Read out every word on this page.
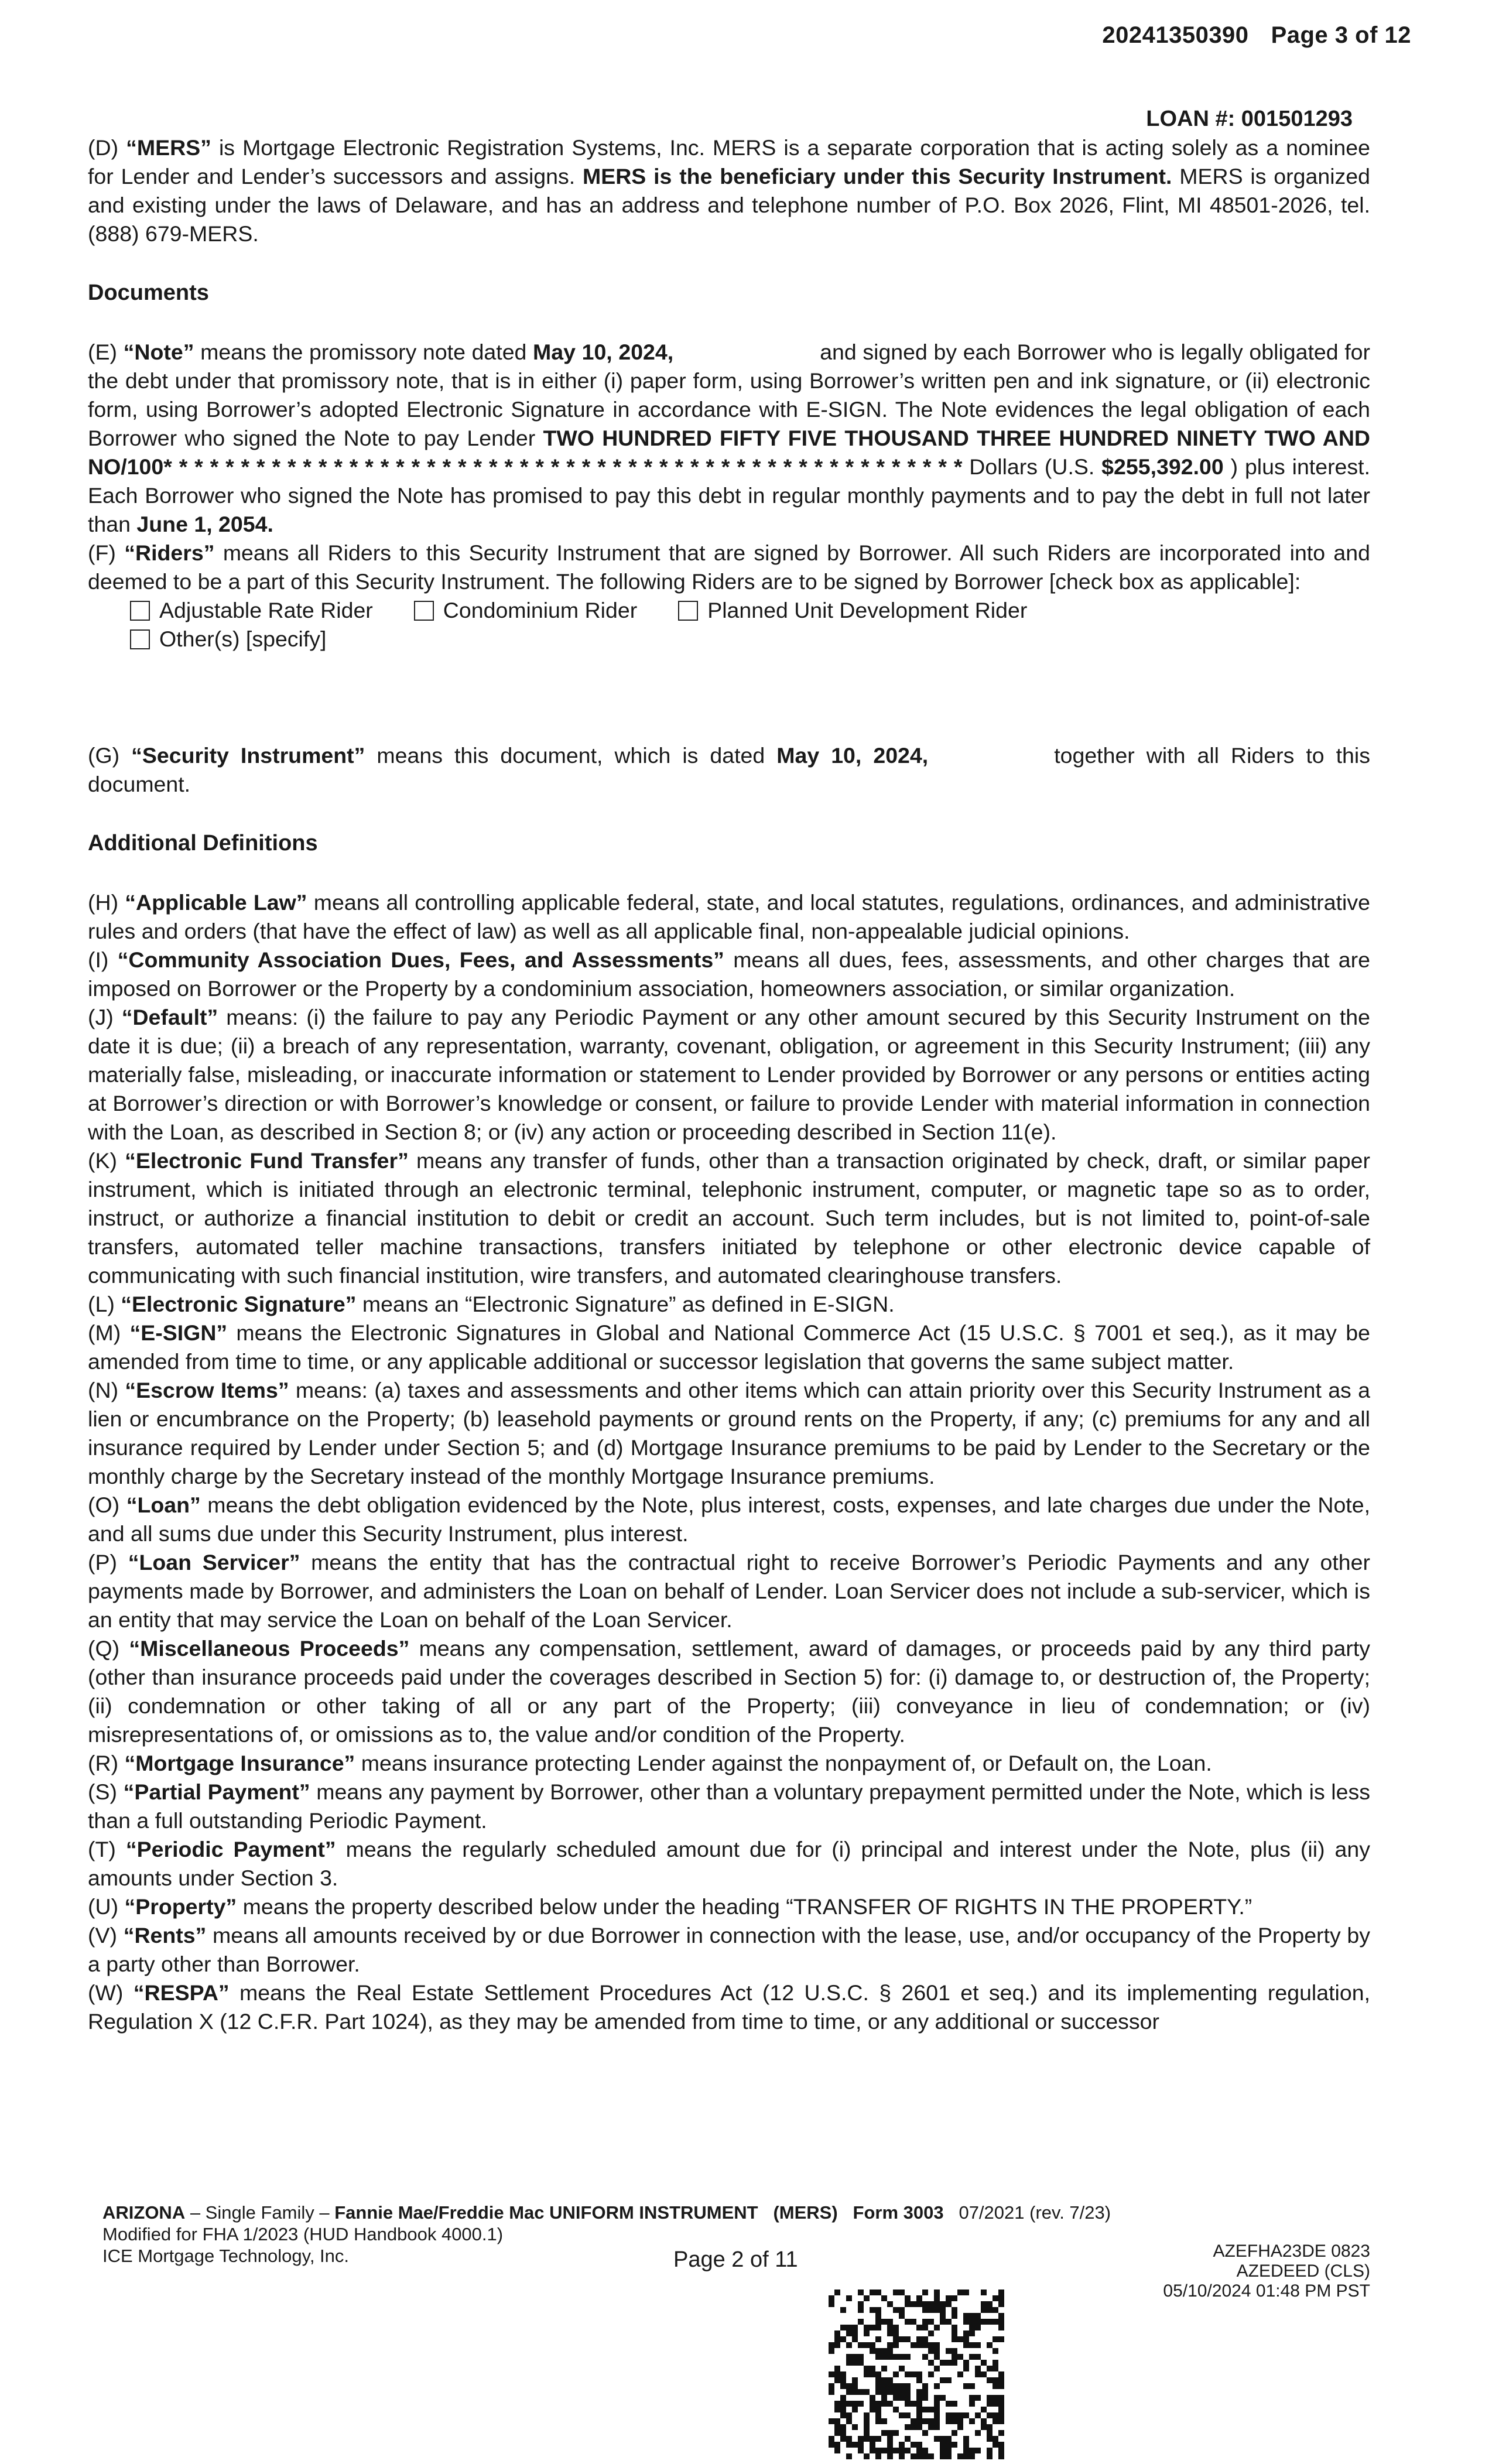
20241350390 Page 3 of 12
LOAN #: 001501293

(D) “MERS” is Mortgage Electronic Registration Systems, Inc. MERS is a separate corporation that is acting solely as a nominee for Lender and Lender’s successors and assigns. MERS is the beneficiary under this Security Instrument. MERS is organized and existing under the laws of Delaware, and has an address and telephone number of P.O. Box 2026, Flint, MI 48501-2026, tel. (888) 679-MERS.

Documents

(E) “Note” means the promissory note dated May 10, 2024,	and signed by each Borrower who is legally obligated for the debt under that promissory note, that is in either (i) paper form, using Borrower’s written pen and ink signature, or (ii) electronic form, using Borrower’s adopted Electronic Signature in accordance with E-SIGN. The Note evidences the legal obligation of each Borrower who signed the Note to pay Lender TWO HUNDRED FIFTY FIVE THOUSAND THREE HUNDRED NINETY TWO AND NO/100* * * * * * * * * * * * * * * * * * * * * * * * * * * * * * * * * * * * * * * * * * * * * * * * * * * * Dollars (U.S. $255,392.00 ) plus interest. Each Borrower who signed the Note has promised to pay this debt in regular monthly payments and to pay the debt in full not later than June 1, 2054.

(F) “Riders” means all Riders to this Security Instrument that are signed by Borrower. All such Riders are incorporated into and deemed to be a part of this Security Instrument. The following Riders are to be signed by Borrower [check box as applicable]:

Adjustable Rate Rider	Condominium Rider	Planned Unit Development Rider
Other(s) [specify]

(G) “Security Instrument” means this document, which is dated May 10, 2024,	together with all Riders to this document.

Additional Definitions

(H) “Applicable Law” means all controlling applicable federal, state, and local statutes, regulations, ordinances, and administrative rules and orders (that have the effect of law) as well as all applicable final, non-appealable judicial opinions.

(I) “Community Association Dues, Fees, and Assessments” means all dues, fees, assessments, and other charges that are imposed on Borrower or the Property by a condominium association, homeowners association, or similar organization.

(J) “Default” means: (i) the failure to pay any Periodic Payment or any other amount secured by this Security Instrument on the date it is due; (ii) a breach of any representation, warranty, covenant, obligation, or agreement in this Security Instrument; (iii) any materially false, misleading, or inaccurate information or statement to Lender provided by Borrower or any persons or entities acting at Borrower’s direction or with Borrower’s knowledge or consent, or failure to provide Lender with material information in connection with the Loan, as described in Section 8; or (iv) any action or proceeding described in Section 11(e).

(K) “Electronic Fund Transfer” means any transfer of funds, other than a transaction originated by check, draft, or similar paper instrument, which is initiated through an electronic terminal, telephonic instrument, computer, or magnetic tape so as to order, instruct, or authorize a financial institution to debit or credit an account. Such term includes, but is not limited to, point-of-sale transfers, automated teller machine transactions, transfers initiated by telephone or other electronic device capable of communicating with such financial institution, wire transfers, and automated clearinghouse transfers.

(L) “Electronic Signature” means an “Electronic Signature” as defined in E-SIGN.

(M) “E-SIGN” means the Electronic Signatures in Global and National Commerce Act (15 U.S.C. § 7001 et seq.), as it may be amended from time to time, or any applicable additional or successor legislation that governs the same subject matter.

(N) “Escrow Items” means: (a) taxes and assessments and other items which can attain priority over this Security Instrument as a lien or encumbrance on the Property; (b) leasehold payments or ground rents on the Property, if any; (c) premiums for any and all insurance required by Lender under Section 5; and (d) Mortgage Insurance premiums to be paid by Lender to the Secretary or the monthly charge by the Secretary instead of the monthly Mortgage Insurance premiums.

(O) “Loan” means the debt obligation evidenced by the Note, plus interest, costs, expenses, and late charges due under the Note, and all sums due under this Security Instrument, plus interest.

(P) “Loan Servicer” means the entity that has the contractual right to receive Borrower’s Periodic Payments and any other payments made by Borrower, and administers the Loan on behalf of Lender. Loan Servicer does not include a sub-servicer, which is an entity that may service the Loan on behalf of the Loan Servicer.

(Q) “Miscellaneous Proceeds” means any compensation, settlement, award of damages, or proceeds paid by any third party (other than insurance proceeds paid under the coverages described in Section 5) for: (i) damage to, or destruction of, the Property; (ii) condemnation or other taking of all or any part of the Property; (iii) conveyance in lieu of condemnation; or (iv) misrepresentations of, or omissions as to, the value and/or condition of the Property.

(R) “Mortgage Insurance” means insurance protecting Lender against the nonpayment of, or Default on, the Loan.

(S) “Partial Payment” means any payment by Borrower, other than a voluntary prepayment permitted under the Note, which is less than a full outstanding Periodic Payment.

(T) “Periodic Payment” means the regularly scheduled amount due for (i) principal and interest under the Note, plus (ii) any amounts under Section 3.

(U) “Property” means the property described below under the heading “TRANSFER OF RIGHTS IN THE PROPERTY.”

(V) “Rents” means all amounts received by or due Borrower in connection with the lease, use, and/or occupancy of the Property by a party other than Borrower.

(W) “RESPA” means the Real Estate Settlement Procedures Act (12 U.S.C. § 2601 et seq.) and its implementing regulation, Regulation X (12 C.F.R. Part 1024), as they may be amended from time to time, or any additional or successor

ARIZONA – Single Family – Fannie Mae/Freddie Mac UNIFORM INSTRUMENT (MERS) Form 3003 07/2021 (rev. 7/23)
Modified for FHA 1/2023 (HUD Handbook 4000.1)
ICE Mortgage Technology, Inc.	Page 2 of 11	AZEFHA23DE 0823
AZEDEED (CLS)
05/10/2024 01:48 PM PST
